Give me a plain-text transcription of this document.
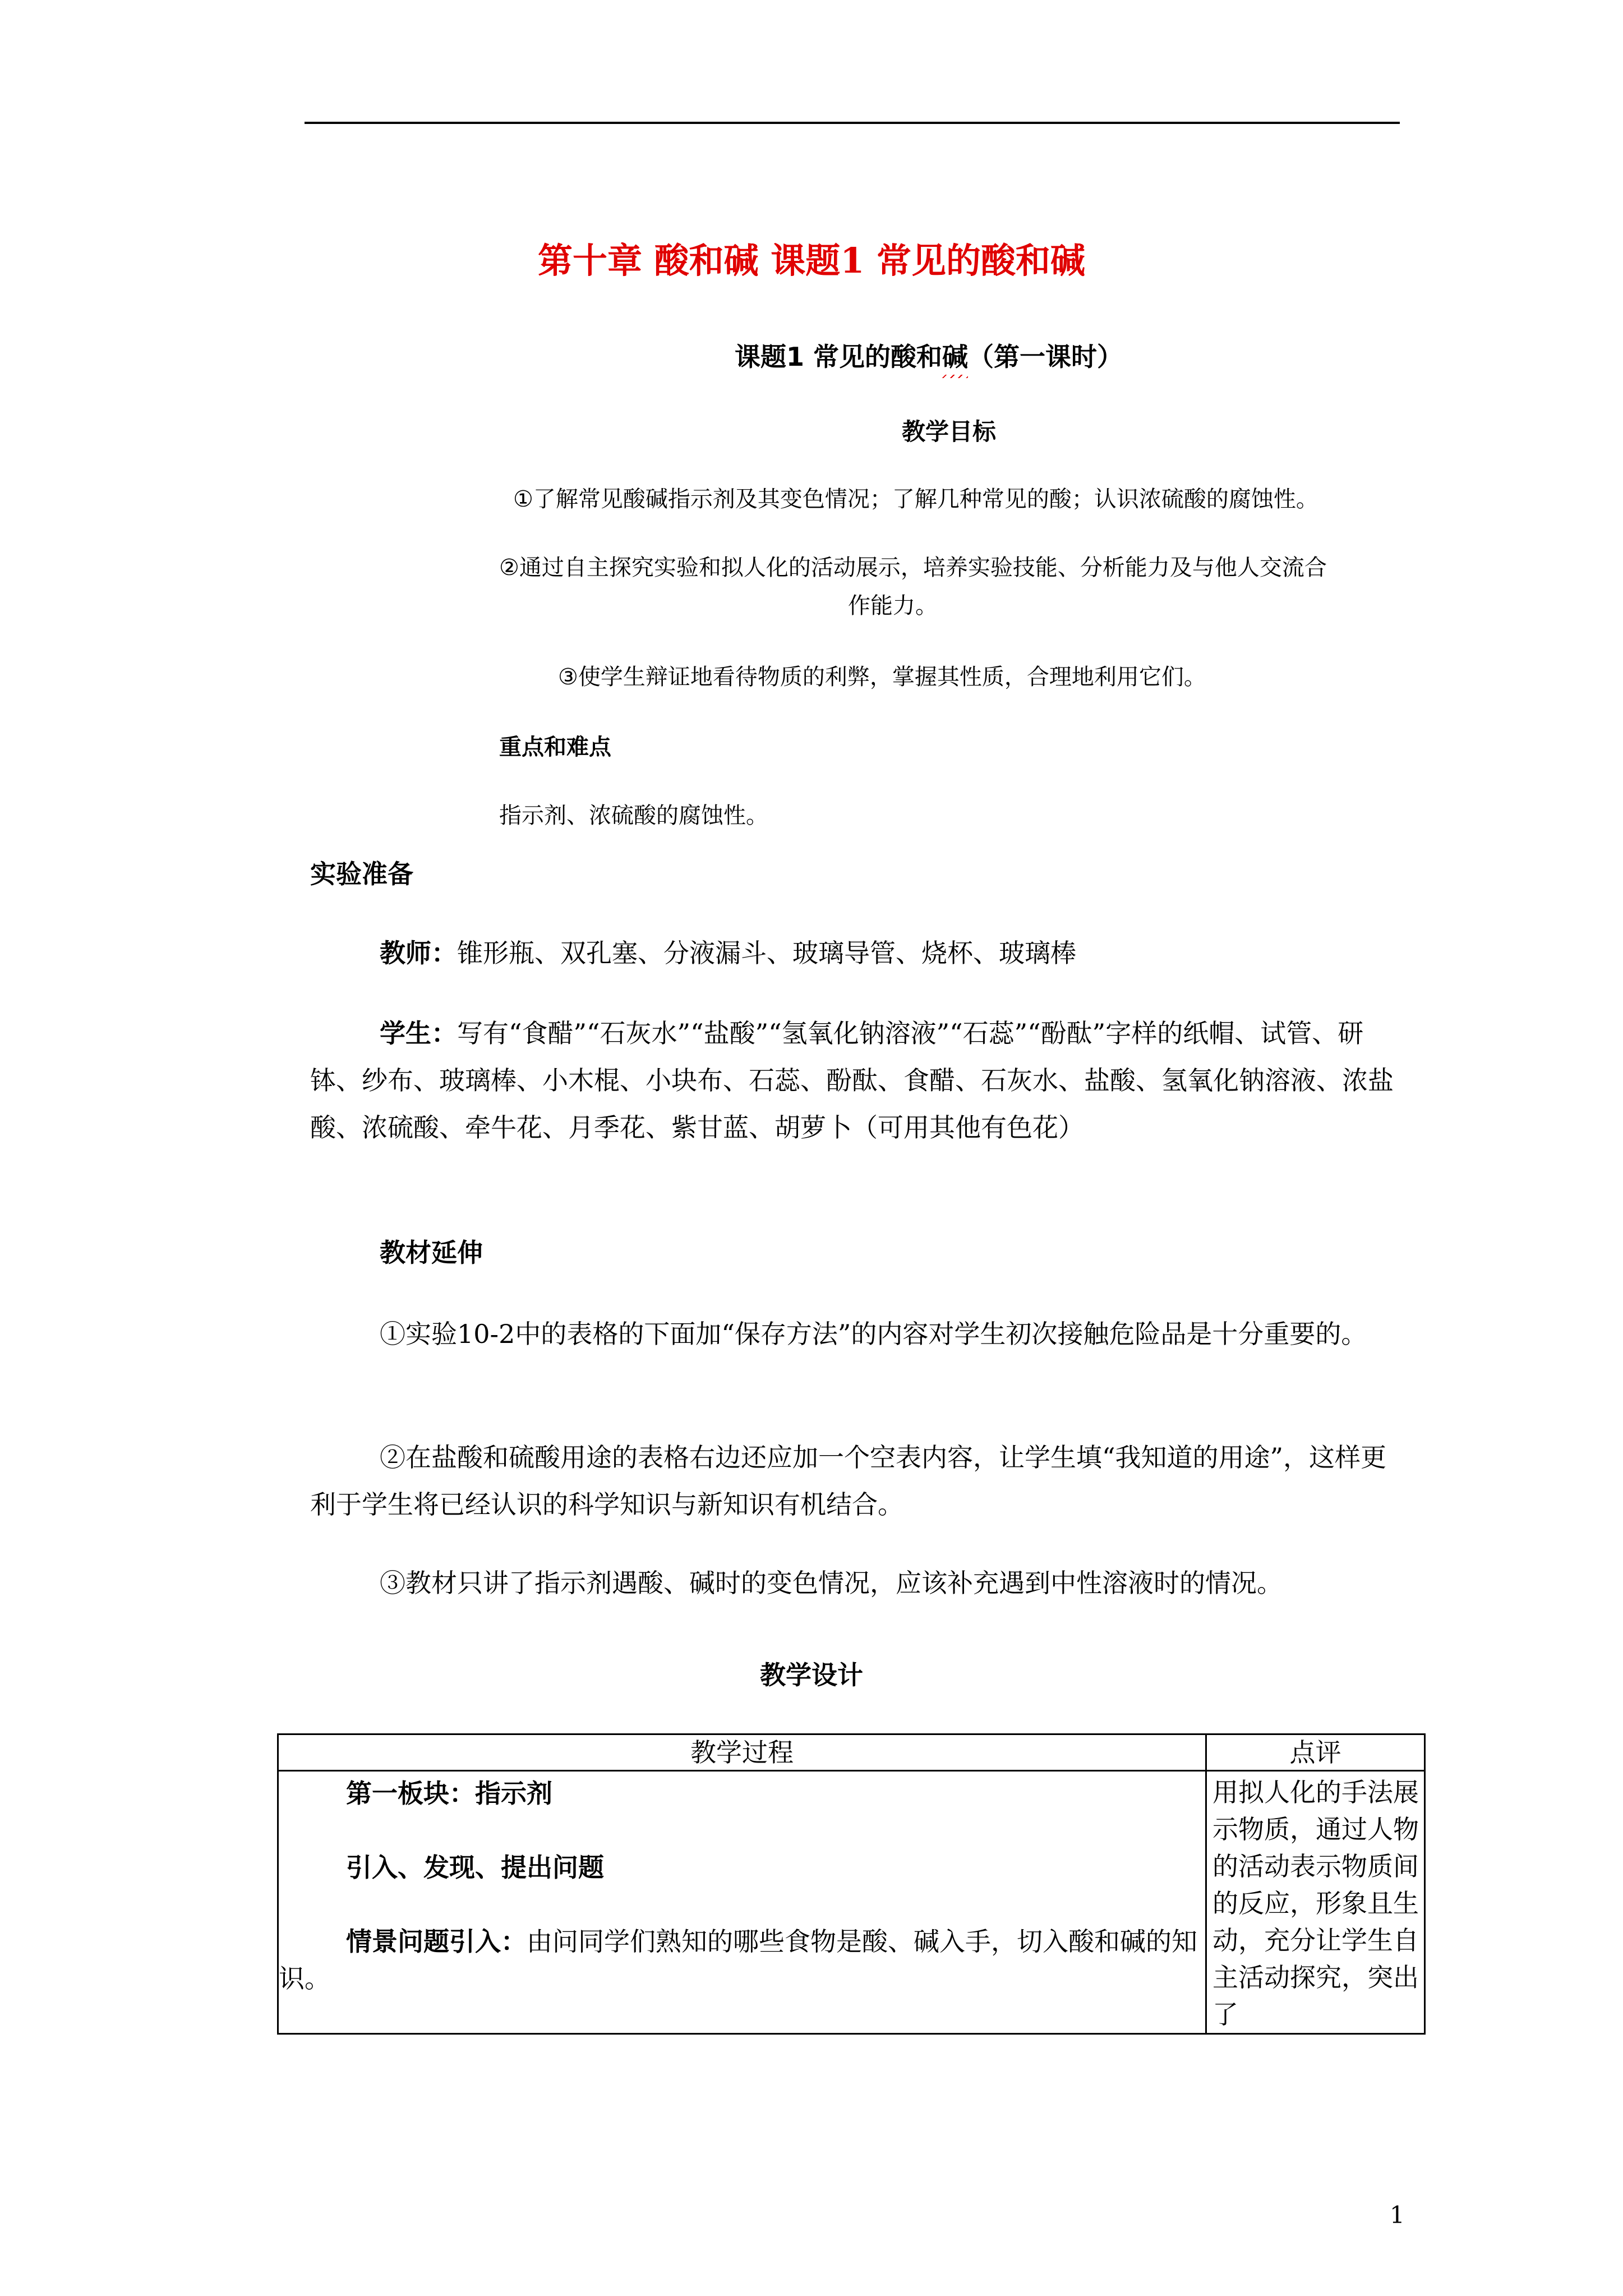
第十章 酸和碱 课题1 常见的酸和碱
课题1 常见的酸和碱（第一课时）
教学目标
①了解常见酸碱指示剂及其变色情况；了解几种常见的酸；认识浓硫酸的腐蚀性。
②通过自主探究实验和拟人化的活动展示，培养实验技能、分析能力及与他人交流合
作能力。
③使学生辩证地看待物质的利弊，掌握其性质，合理地利用它们。
重点和难点
指示剂、浓硫酸的腐蚀性。
实验准备
教师：锥形瓶、双孔塞、分液漏斗、玻璃导管、烧杯、玻璃棒
学生：写有“食醋”“石灰水”“盐酸”“氢氧化钠溶液”“石蕊”“酚酞”字样的纸帽、试管、研钵、纱布、玻璃棒、小木棍、小块布、石蕊、酚酞、食醋、石灰水、盐酸、氢氧化钠溶液、浓盐酸、浓硫酸、牵牛花、月季花、紫甘蓝、胡萝卜（可用其他有色花）
教材延伸
①实验10-2中的表格的下面加“保存方法”的内容对学生初次接触危险品是十分重要的。
②在盐酸和硫酸用途的表格右边还应加一个空表内容，让学生填“我知道的用途”，这样更利于学生将已经认识的科学知识与新知识有机结合。
③教材只讲了指示剂遇酸、碱时的变色情况，应该补充遇到中性溶液时的情况。
教学设计
教学过程	点评

第一板块：指示剂

引入、发现、提出问题

情景问题引入：由问同学们熟知的哪些食物是酸、碱入手，切入酸和碱的知识。	用拟人化的手法展示物质，通过人物的活动表示物质间的反应，形象且生动，充分让学生自主活动探究，突出了
1
